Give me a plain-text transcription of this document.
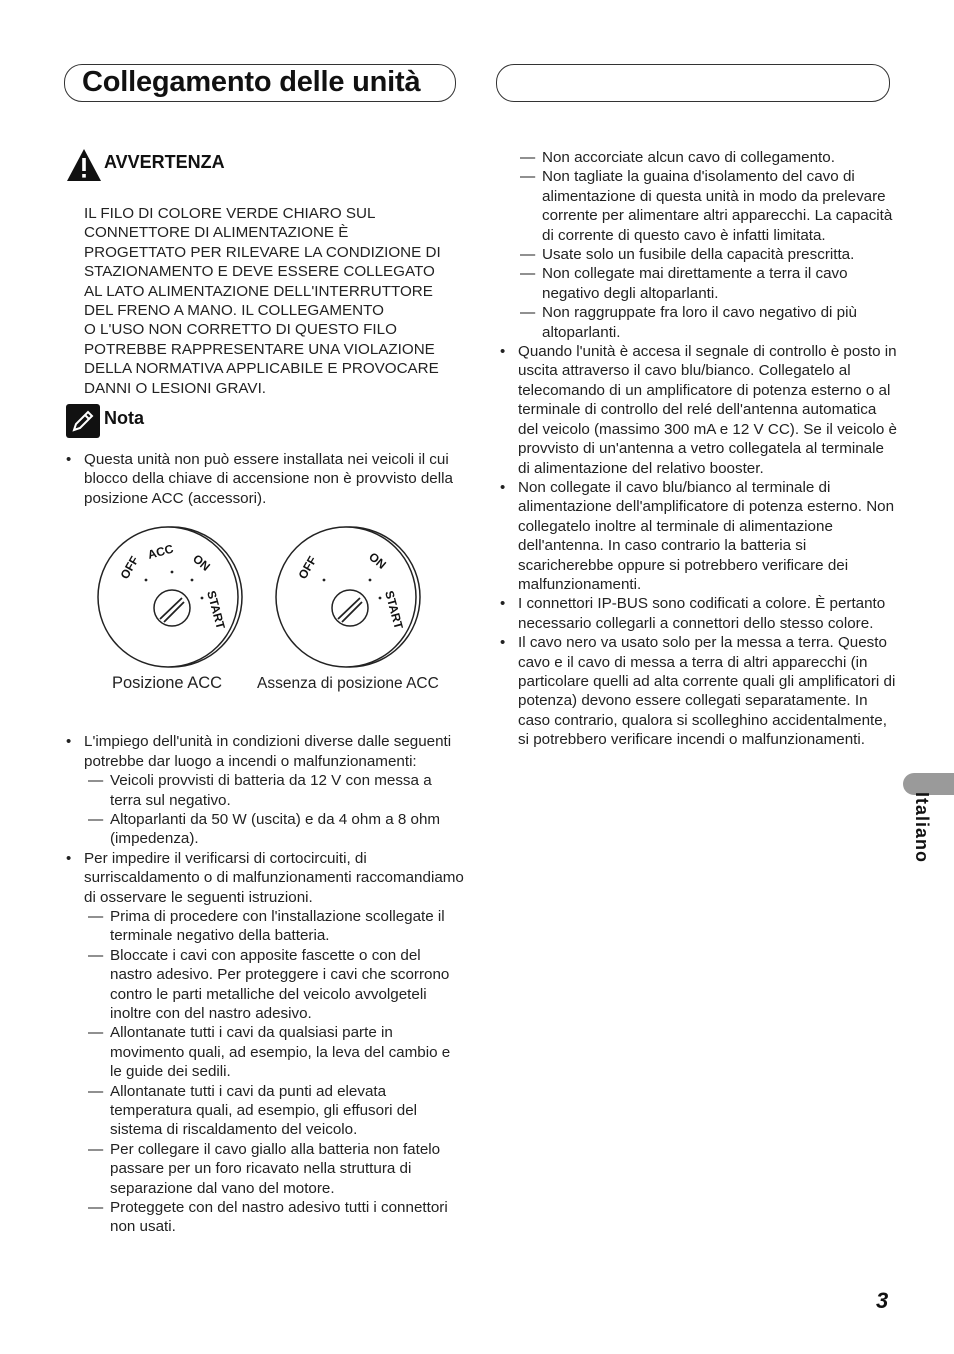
Collegamento delle unità
AVVERTENZA
IL FILO DI COLORE VERDE CHIARO SUL
CONNETTORE DI ALIMENTAZIONE È
PROGETTATO PER RILEVARE LA CONDIZIONE DI
STAZIONAMENTO E DEVE ESSERE COLLEGATO
AL LATO ALIMENTAZIONE DELL'INTERRUTTORE
DEL FRENO A MANO. IL COLLEGAMENTO
O L'USO NON CORRETTO DI QUESTO FILO
POTREBBE RAPPRESENTARE UNA VIOLAZIONE
DELLA NORMATIVA APPLICABILE E PROVOCARE
DANNI O LESIONI GRAVI.
Nota
• Questa unità non può essere installata nei veicoli il cui blocco della chiave di accensione non è provvisto della posizione ACC (accessori).
OFF
ACC ON
START
OFF	ON
START
Posizione ACC Assenza di posizione ACC
• L'impiego dell'unità in condizioni diverse dalle seguenti potrebbe dar luogo a incendi o malfunzionamenti:
— Veicoli provvisti di batteria da 12 V con messa a terra sul negativo.
— Altoparlanti da 50 W (uscita) e da 4 ohm a 8 ohm (impedenza).
• Per impedire il verificarsi di cortocircuiti, di surriscaldamento o di malfunzionamenti raccomandiamo di osservare le seguenti istruzioni.
— Prima di procedere con l'installazione scollegate il terminale negativo della batteria.
— Bloccate i cavi con apposite fascette o con del nastro adesivo. Per proteggere i cavi che scorrono contro le parti metalliche del veicolo avvolgeteli inoltre con del nastro adesivo.
— Allontanate tutti i cavi da qualsiasi parte in movimento quali, ad esempio, la leva del cambio e le guide dei sedili.
— Allontanate tutti i cavi da punti ad elevata temperatura quali, ad esempio, gli effusori del sistema di riscaldamento del veicolo.
— Per collegare il cavo giallo alla batteria non fatelo passare per un foro ricavato nella struttura di separazione dal vano del motore.
— Proteggete con del nastro adesivo tutti i connettori non usati.
— Non accorciate alcun cavo di collegamento.
— Non tagliate la guaina d'isolamento del cavo di alimentazione di questa unità in modo da prelevare corrente per alimentare altri apparecchi. La capacità di corrente di questo cavo è infatti limitata.
— Usate solo un fusibile della capacità prescritta.
— Non collegate mai direttamente a terra il cavo negativo degli altoparlanti.
— Non raggruppate fra loro il cavo negativo di più altoparlanti.
• Quando l'unità è accesa il segnale di controllo è posto in uscita attraverso il cavo blu/bianco. Collegatelo al telecomando di un amplificatore di potenza esterno o al terminale di controllo del relé dell'antenna automatica del veicolo (massimo 300 mA e 12 V CC). Se il veicolo è provvisto di un'antenna a vetro collegatela al terminale di alimentazione del relativo booster.
• Non collegate il cavo blu/bianco al terminale di alimentazione dell'amplificatore di potenza esterno. Non collegatelo inoltre al terminale di alimentazione dell'antenna. In caso contrario la batteria si scaricherebbe oppure si potrebbero verificare dei malfunzionamenti.
• I connettori IP-BUS sono codificati a colore. È pertanto necessario collegarli a connettori dello stesso colore.
• Il cavo nero va usato solo per la messa a terra. Questo cavo e il cavo di messa a terra di altri apparecchi (in particolare quelli ad alta corrente quali gli amplificatori di potenza) devono essere collegati separatamente. In caso contrario, qualora si scolleghino accidentalmente, si potrebbero verificare incendi o malfunzionamenti.
Italiano
3
